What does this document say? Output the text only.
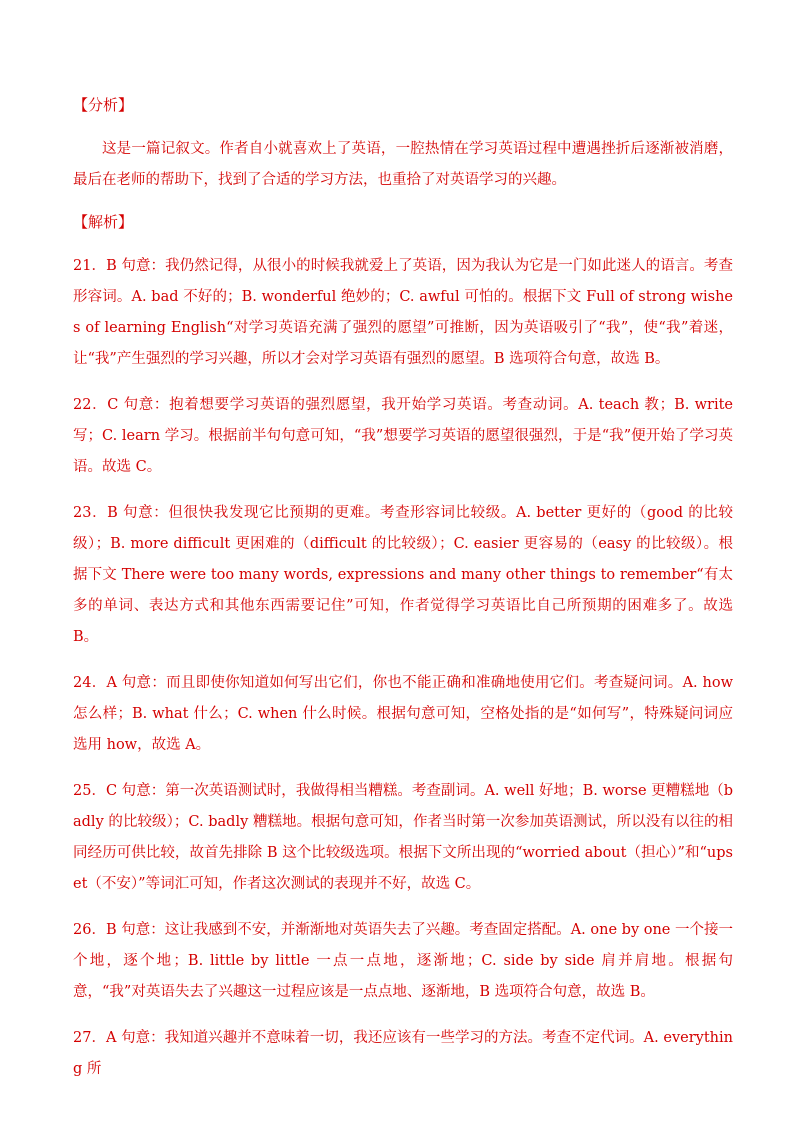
【分析】

这是一篇记叙文。作者自小就喜欢上了英语，一腔热情在学习英语过程中遭遇挫折后逐渐被消磨，最后在老师的帮助下，找到了合适的学习方法，也重拾了对英语学习的兴趣。

【解析】

21．B 句意：我仍然记得，从很小的时候我就爱上了英语，因为我认为它是一门如此迷人的语言。考查形容词。A. bad 不好的；B. wonderful 绝妙的；C. awful 可怕的。根据下文 Full of strong wishes of learning English“对学习英语充满了强烈的愿望”可推断，因为英语吸引了“我”，使“我”着迷，让“我”产生强烈的学习兴趣，所以才会对学习英语有强烈的愿望。B 选项符合句意，故选 B。

22．C 句意：抱着想要学习英语的强烈愿望，我开始学习英语。考查动词。A. teach 教；B. write 写；C. learn 学习。根据前半句句意可知，“我”想要学习英语的愿望很强烈，于是“我”便开始了学习英语。故选 C。

23．B 句意：但很快我发现它比预期的更难。考查形容词比较级。A. better 更好的（good 的比较级）；B. more difficult 更困难的（difficult 的比较级）；C. easier 更容易的（easy 的比较级）。根据下文 There were too many words, expressions and many other things to remember“有太多的单词、表达方式和其他东西需要记住”可知，作者觉得学习英语比自己所预期的困难多了。故选 B。

24．A 句意：而且即使你知道如何写出它们，你也不能正确和准确地使用它们。考查疑问词。A. how 怎么样；B. what 什么；C. when 什么时候。根据句意可知，空格处指的是“如何写”，特殊疑问词应选用 how，故选 A。

25．C 句意：第一次英语测试时，我做得相当糟糕。考查副词。A. well 好地；B. worse 更糟糕地（badly 的比较级）；C. badly 糟糕地。根据句意可知，作者当时第一次参加英语测试，所以没有以往的相同经历可供比较，故首先排除 B 这个比较级选项。根据下文所出现的“worried about（担心）”和“upset（不安）”等词汇可知，作者这次测试的表现并不好，故选 C。

26．B 句意：这让我感到不安，并渐渐地对英语失去了兴趣。考查固定搭配。A. one by one 一个接一个地，逐个地；B. little by little 一点一点地，逐渐地；C. side by side 肩并肩地。根据句意，“我”对英语失去了兴趣这一过程应该是一点点地、逐渐地，B 选项符合句意，故选 B。

27．A 句意：我知道兴趣并不意味着一切，我还应该有一些学习的方法。考查不定代词。A. everything 所
